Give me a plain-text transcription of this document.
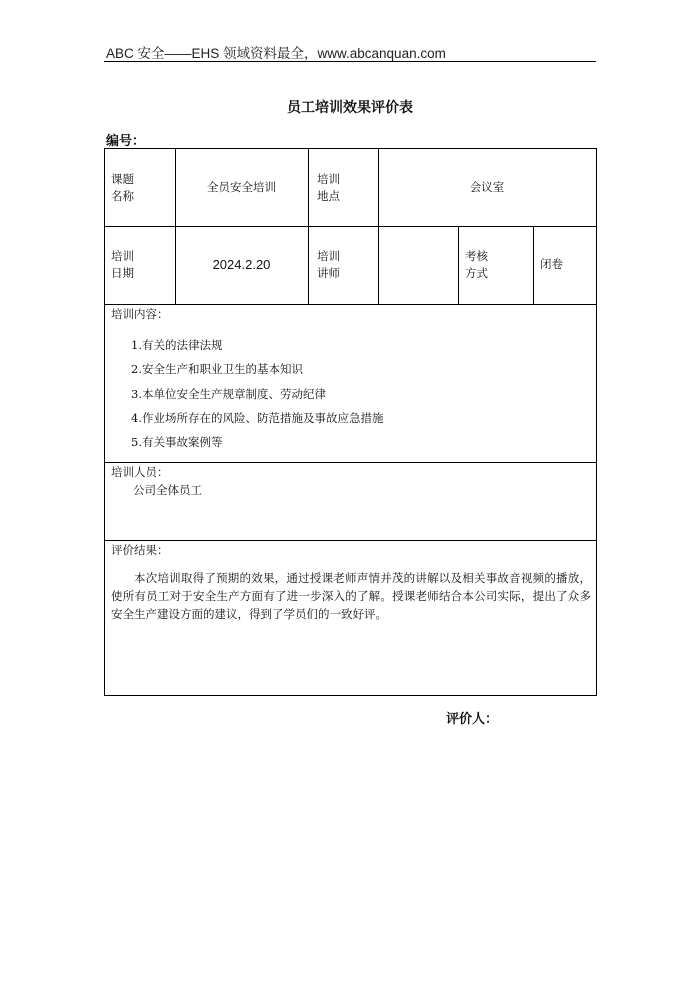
ABC 安全——EHS 领域资料最全，www.abcanquan.com
员工培训效果评价表
编号：
课题
名称
全员安全培训
培训
地点
会议室
培训
日期
2024.2.20
培训
讲师
考核
方式
闭卷
培训内容：
1.有关的法律法规
2.安全生产和职业卫生的基本知识
3.本单位安全生产规章制度、劳动纪律
4.作业场所存在的风险、防范措施及事故应急措施
5.有关事故案例等
培训人员：
公司全体员工
评价结果：

本次培训取得了预期的效果，通过授课老师声情并茂的讲解以及相关事故音视频的播放，使所有员工对于安全生产方面有了进一步深入的了解。授课老师结合本公司实际，提出了众多安全生产建设方面的建议，得到了学员们的一致好评。

评价人：
